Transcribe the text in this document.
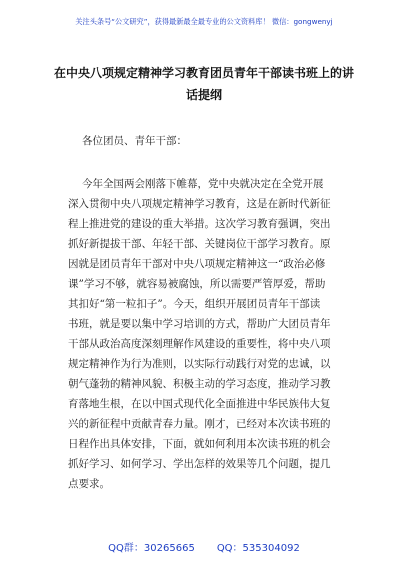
关注头条号“公文研究”，获得最新最全最专业的公文资料库！ 微信：gongwenyj
在中央八项规定精神学习教育团员青年干部读书班上的讲
话提纲
各位团员、青年干部：
今年全国两会刚落下帷幕，党中央就决定在全党开展
深入贯彻中央八项规定精神学习教育，这是在新时代新征
程上推进党的建设的重大举措。这次学习教育强调，突出
抓好新提拔干部、年轻干部、关键岗位干部学习教育。原
因就是团员青年干部对中央八项规定精神这一“政治必修
课”学习不够，就容易被腐蚀，所以需要严管厚爱，帮助
其扣好“第一粒扣子”。今天，组织开展团员青年干部读
书班，就是要以集中学习培训的方式，帮助广大团员青年
干部从政治高度深刻理解作风建设的重要性，将中央八项
规定精神作为行为准则，以实际行动践行对党的忠诚，以
朝气蓬勃的精神风貌、积极主动的学习态度，推动学习教
育落地生根，在以中国式现代化全面推进中华民族伟大复
兴的新征程中贡献青春力量。刚才，已经对本次读书班的
日程作出具体安排，下面，就如何利用本次读书班的机会
抓好学习、如何学习、学出怎样的效果等几个问题，提几
点要求。
QQ群：30265665 QQ：535304092
